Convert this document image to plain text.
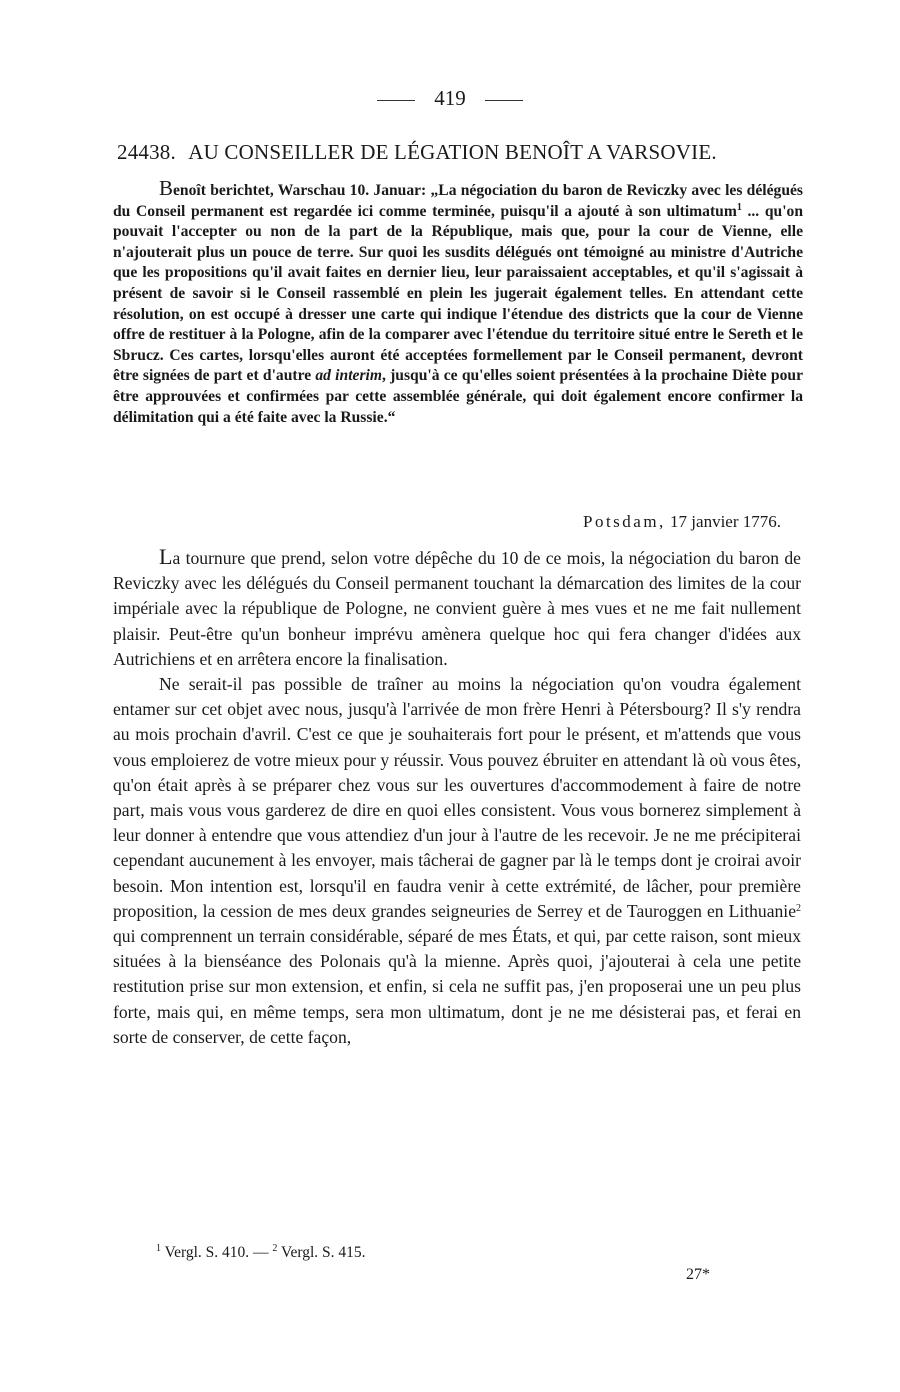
419
24438. AU CONSEILLER DE LÉGATION BENOÎT A VARSOVIE.
Benoît berichtet, Warschau 10. Januar: „La négociation du baron de Reviczky avec les délégués du Conseil permanent est regardée ici comme terminée, puisqu'il a ajouté à son ultimatum$^1$ ... qu'on pouvait l'accepter ou non de la part de la République, mais que, pour la cour de Vienne, elle n'ajouterait plus un pouce de terre. Sur quoi les susdits délégués ont témoigné au ministre d'Autriche que les propositions qu'il avait faites en dernier lieu, leur paraissaient acceptables, et qu'il s'agissait à présent de savoir si le Conseil rassemblé en plein les jugerait également telles. En attendant cette résolution, on est occupé à dresser une carte qui indique l'étendue des districts que la cour de Vienne offre de restituer à la Pologne, afin de la comparer avec l'étendue du territoire situé entre le Sereth et le Sbrucz. Ces cartes, lorsqu'elles auront été acceptées formellement par le Conseil permanent, devront être signées de part et d'autre ad interim, jusqu'à ce qu'elles soient présentées à la prochaine Diète pour être approuvées et confirmées par cette assemblée générale, qui doit également encore confirmer la délimitation qui a été faite avec la Russie.“
Potsdam, 17 janvier 1776.

La tournure que prend, selon votre dépêche du 10 de ce mois, la négociation du baron de Reviczky avec les délégués du Conseil permanent touchant la démarcation des limites de la cour impériale avec la république de Pologne, ne convient guère à mes vues et ne me fait nullement plaisir. Peut-être qu'un bonheur imprévu amènera quelque hoc qui fera changer d'idées aux Autrichiens et en arrêtera encore la finalisation.

Ne serait-il pas possible de traîner au moins la négociation qu'on voudra également entamer sur cet objet avec nous, jusqu'à l'arrivée de mon frère Henri à Pétersbourg? Il s'y rendra au mois prochain d'avril. C'est ce que je souhaiterais fort pour le présent, et m'attends que vous vous emploierez de votre mieux pour y réussir. Vous pouvez ébruiter en attendant là où vous êtes, qu'on était après à se préparer chez vous sur les ouvertures d'accommodement à faire de notre part, mais vous vous garderez de dire en quoi elles consistent. Vous vous bornerez simplement à leur donner à entendre que vous attendiez d'un jour à l'autre de les recevoir. Je ne me précipiterai cependant aucunement à les envoyer, mais tâcherai de gagner par là le temps dont je croirai avoir besoin. Mon intention est, lorsqu'il en faudra venir à cette extrémité, de lâcher, pour première proposition, la cession de mes deux grandes seigneuries de Serrey et de Tauroggen en Lithuanie$^2$ qui comprennent un terrain considérable, séparé de mes États, et qui, par cette raison, sont mieux situées à la bienséance des Polonais qu'à la mienne. Après quoi, j'ajouterai à cela une petite restitution prise sur mon extension, et enfin, si cela ne suffit pas, j'en proposerai une un peu plus forte, mais qui, en même temps, sera mon ultimatum, dont je ne me désisterai pas, et ferai en sorte de conserver, de cette façon,

$^1$ Vergl. S. 410. — $^2$ Vergl. S. 415.
27*
